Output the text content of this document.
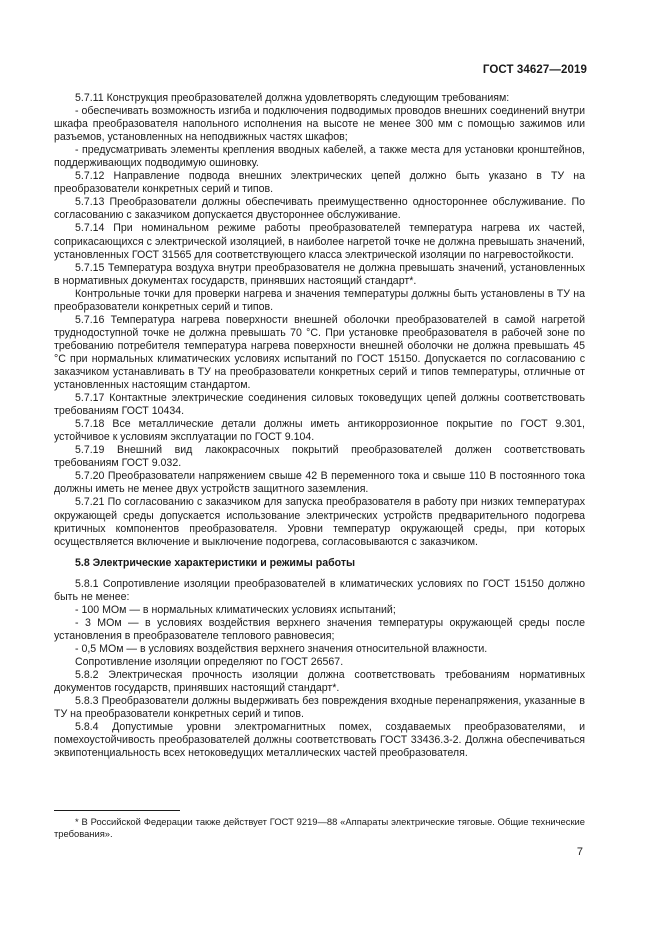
ГОСТ 34627—2019

5.7.11 Конструкция преобразователей должна удовлетворять следующим требованиям:

- обеспечивать возможность изгиба и подключения подводимых проводов внешних соединений внутри шкафа преобразователя напольного исполнения на высоте не менее 300 мм с помощью зажимов или разъемов, установленных на неподвижных частях шкафов;

- предусматривать элементы крепления вводных кабелей, а также места для установки кронштейнов, поддерживающих подводимую ошиновку.

5.7.12 Направление подвода внешних электрических цепей должно быть указано в ТУ на преобразователи конкретных серий и типов.

5.7.13 Преобразователи должны обеспечивать преимущественно одностороннее обслуживание. По согласованию с заказчиком допускается двустороннее обслуживание.

5.7.14 При номинальном режиме работы преобразователей температура нагрева их частей, соприкасающихся с электрической изоляцией, в наиболее нагретой точке не должна превышать значений, установленных ГОСТ 31565 для соответствующего класса электрической изоляции по нагревостойкости.

5.7.15 Температура воздуха внутри преобразователя не должна превышать значений, установленных в нормативных документах государств, принявших настоящий стандарт*.

Контрольные точки для проверки нагрева и значения температуры должны быть установлены в ТУ на преобразователи конкретных серий и типов.

5.7.16 Температура нагрева поверхности внешней оболочки преобразователей в самой нагретой труднодоступной точке не должна превышать 70 °С. При установке преобразователя в рабочей зоне по требованию потребителя температура нагрева поверхности внешней оболочки не должна превышать 45 °С при нормальных климатических условиях испытаний по ГОСТ 15150. Допускается по согласованию с заказчиком устанавливать в ТУ на преобразователи конкретных серий и типов температуры, отличные от установленных настоящим стандартом.

5.7.17 Контактные электрические соединения силовых токоведущих цепей должны соответствовать требованиям ГОСТ 10434.

5.7.18 Все металлические детали должны иметь антикоррозионное покрытие по ГОСТ 9.301, устойчивое к условиям эксплуатации по ГОСТ 9.104.

5.7.19 Внешний вид лакокрасочных покрытий преобразователей должен соответствовать требованиям ГОСТ 9.032.

5.7.20 Преобразователи напряжением свыше 42 В переменного тока и свыше 110 В постоянного тока должны иметь не менее двух устройств защитного заземления.

5.7.21 По согласованию с заказчиком для запуска преобразователя в работу при низких температурах окружающей среды допускается использование электрических устройств предварительного подогрева критичных компонентов преобразователя. Уровни температур окружающей среды, при которых осуществляется включение и выключение подогрева, согласовываются с заказчиком.

5.8 Электрические характеристики и режимы работы

5.8.1 Сопротивление изоляции преобразователей в климатических условиях по ГОСТ 15150 должно быть не менее:

- 100 МОм — в нормальных климатических условиях испытаний;

- 3 МОм — в условиях воздействия верхнего значения температуры окружающей среды после установления в преобразователе теплового равновесия;

- 0,5 МОм — в условиях воздействия верхнего значения относительной влажности.

Сопротивление изоляции определяют по ГОСТ 26567.

5.8.2 Электрическая прочность изоляции должна соответствовать требованиям нормативных документов государств, принявших настоящий стандарт*.

5.8.3 Преобразователи должны выдерживать без повреждения входные перенапряжения, указанные в ТУ на преобразователи конкретных серий и типов.

5.8.4 Допустимые уровни электромагнитных помех, создаваемых преобразователями, и помехоустойчивость преобразователей должны соответствовать ГОСТ 33436.3-2. Должна обеспечиваться эквипотенциальность всех нетоковедущих металлических частей преобразователя.

* В Российской Федерации также действует ГОСТ 9219—88 «Аппараты электрические тяговые. Общие технические требования».

7
